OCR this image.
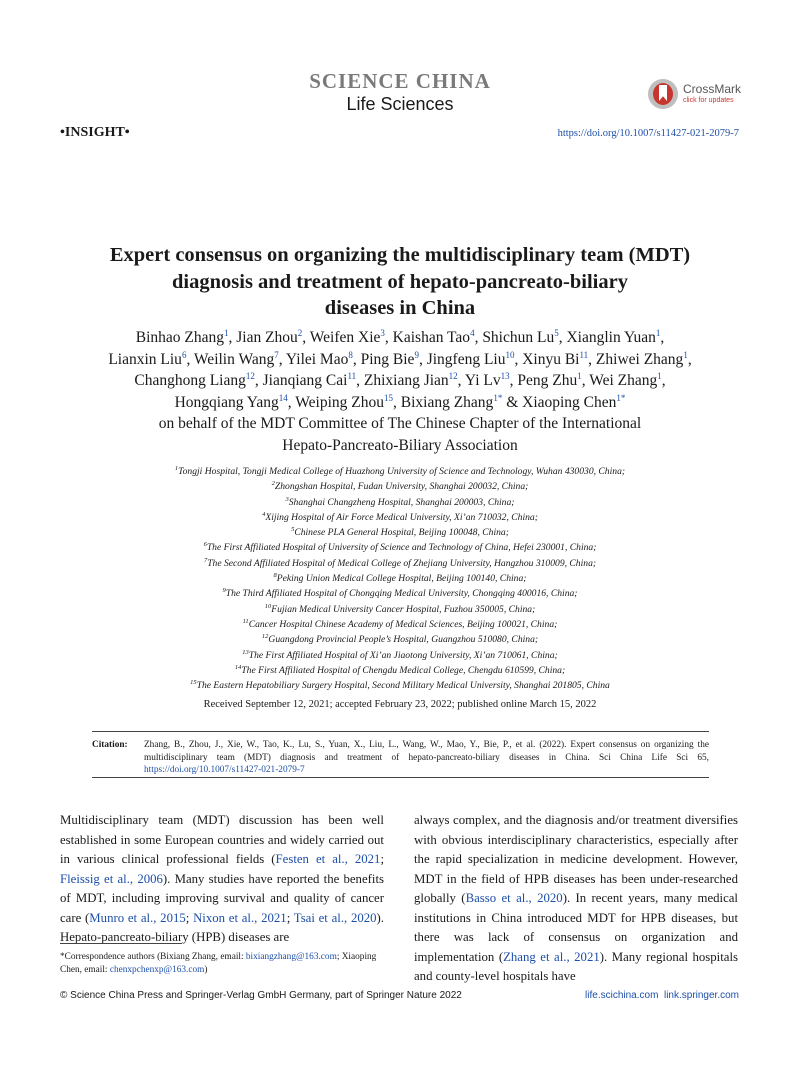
SCIENCE CHINA
Life Sciences
CrossMark
click for updates
•INSIGHT•	https://doi.org/10.1007/s11427-021-2079-7
Expert consensus on organizing the multidisciplinary team (MDT)
diagnosis and treatment of hepato-pancreato-biliary
diseases in China
Binhao Zhang$^1$, Jian Zhou$^2$, Weifen Xie$^3$, Kaishan Tao$^4$, Shichun Lu$^5$, Xianglin Yuan$^1$,
Lianxin Liu$^6$, Weilin Wang$^7$, Yilei Mao$^8$, Ping Bie$^9$, Jingfeng Liu$^{10}$, Xinyu Bi$^{11}$, Zhiwei Zhang$^1$,
Changhong Liang$^{12}$, Jianqiang Cai$^{11}$, Zhixiang Jian$^{12}$, Yi Lv$^{13}$, Peng Zhu$^1$, Wei Zhang$^1$,
Hongqiang Yang$^{14}$, Weiping Zhou$^{15}$, Bixiang Zhang$^{1*}$ & Xiaoping Chen$^{1*}$
on behalf of the MDT Committee of The Chinese Chapter of the International
Hepato-Pancreato-Biliary Association
$^1$Tongji Hospital, Tongji Medical College of Huazhong University of Science and Technology, Wuhan 430030, China;
$^2$Zhongshan Hospital, Fudan University, Shanghai 200032, China;
$^3$Shanghai Changzheng Hospital, Shanghai 200003, China;
$^4$Xijing Hospital of Air Force Medical University, Xi’an 710032, China;
$^5$Chinese PLA General Hospital, Beijing 100048, China;
$^6$The First Affiliated Hospital of University of Science and Technology of China, Hefei 230001, China;
$^7$The Second Affiliated Hospital of Medical College of Zhejiang University, Hangzhou 310009, China;
$^8$Peking Union Medical College Hospital, Beijing 100140, China;
$^9$The Third Affiliated Hospital of Chongqing Medical University, Chongqing 400016, China;
$^{10}$Fujian Medical University Cancer Hospital, Fuzhou 350005, China;
$^{11}$Cancer Hospital Chinese Academy of Medical Sciences, Beijing 100021, China;
$^{12}$Guangdong Provincial People’s Hospital, Guangzhou 510080, China;
$^{13}$The First Affiliated Hospital of Xi’an Jiaotong University, Xi’an 710061, China;
$^{14}$The First Affiliated Hospital of Chengdu Medical College, Chengdu 610599, China;
$^{15}$The Eastern Hepatobiliary Surgery Hospital, Second Military Medical University, Shanghai 201805, China
Received September 12, 2021; accepted February 23, 2022; published online March 15, 2022
Citation:	Zhang, B., Zhou, J., Xie, W., Tao, K., Lu, S., Yuan, X., Liu, L., Wang, W., Mao, Y., Bie, P., et al. (2022). Expert consensus on organizing the multidisciplinary team (MDT) diagnosis and treatment of hepato-pancreato-biliary diseases in China. Sci China Life Sci 65, https://doi.org/10.1007/s11427-021-2079-7
Multidisciplinary team (MDT) discussion has been well established in some European countries and widely carried out in various clinical professional fields (Festen et al., 2021; Fleissig et al., 2006). Many studies have reported the benefits of MDT, including improving survival and quality of cancer care (Munro et al., 2015; Nixon et al., 2021; Tsai et al., 2020). Hepato-pancreato-biliary (HPB) diseases are
always complex, and the diagnosis and/or treatment diversifies with obvious interdisciplinary characteristics, especially after the rapid specialization in medicine development. However, MDT in the field of HPB diseases has been under-researched globally (Basso et al., 2020). In recent years, many medical institutions in China introduced MDT for HPB diseases, but there was lack of consensus on organization and implementation (Zhang et al., 2021). Many regional hospitals and county-level hospitals have
*Correspondence authors (Bixiang Zhang, email: bixiangzhang@163.com; Xiaoping Chen, email: chenxpchenxp@163.com)
© Science China Press and Springer-Verlag GmbH Germany, part of Springer Nature 2022	life.scichina.com link.springer.com
